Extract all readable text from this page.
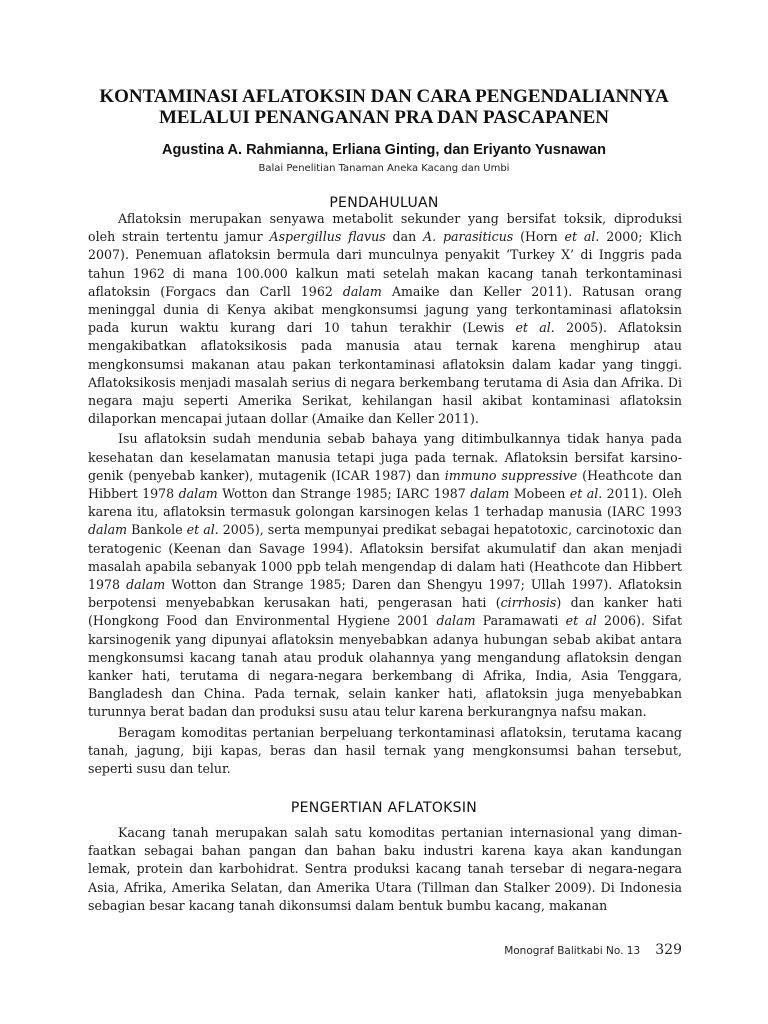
KONTAMINASI AFLATOKSIN DAN CARA PENGENDALIANNYA MELALUI PENANGANAN PRA DAN PASCAPANEN
Agustina A. Rahmianna, Erliana Ginting, dan Eriyanto Yusnawan
Balai Penelitian Tanaman Aneka Kacang dan Umbi
PENDAHULUAN

Aflatoksin merupakan senyawa metabolit sekunder yang bersifat toksik, diproduksi oleh strain tertentu jamur Aspergillus flavus dan A. parasiticus (Horn et al. 2000; Klich 2007). Penemuan aflatoksin bermula dari munculnya penyakit ‘Turkey X’ di Inggris pada tahun 1962 di mana 100.000 kalkun mati setelah makan kacang tanah terkontaminasi aflatoksin (Forgacs dan Carll 1962 dalam Amaike dan Keller 2011). Ratusan orang meninggal dunia di Kenya akibat mengkonsumsi jagung yang terkontaminasi aflatoksin pada kurun waktu kurang dari 10 tahun terakhir (Lewis et al. 2005). Aflatoksin mengakibatkan aflatoksikosis pada manusia atau ternak karena menghirup atau mengkonsumsi makanan atau pakan terkontaminasi aflatoksin dalam kadar yang tinggi. Aflatoksikosis menjadi masalah serius di negara berkembang terutama di Asia dan Afrika. Di negara maju seperti Amerika Serikat, kehilangan hasil akibat kontaminasi aflatoksin dilaporkan mencapai jutaan dollar (Amaike dan Keller 2011).

Isu aflatoksin sudah mendunia sebab bahaya yang ditimbulkannya tidak hanya pada kesehatan dan keselamatan manusia tetapi juga pada ternak. Aflatoksin bersifat karsinogenik (penyebab kanker), mutagenik (ICAR 1987) dan immuno suppressive (Heathcote dan Hibbert 1978 dalam Wotton dan Strange 1985; IARC 1987 dalam Mobeen et al. 2011). Oleh karena itu, aflatoksin termasuk golongan karsinogen kelas 1 terhadap manusia (IARC 1993 dalam Bankole et al. 2005), serta mempunyai predikat sebagai hepatotoxic, carcinotoxic dan teratogenic (Keenan dan Savage 1994). Aflatoksin bersifat akumulatif dan akan menjadi masalah apabila sebanyak 1000 ppb telah mengendap di dalam hati (Heathcote dan Hibbert 1978 dalam Wotton dan Strange 1985; Daren dan Shengyu 1997; Ullah 1997). Aflatoksin berpotensi menyebabkan kerusakan hati, pengerasan hati (cirrhosis) dan kanker hati (Hongkong Food dan Environmental Hygiene 2001 dalam Paramawati et al 2006). Sifat karsinogenik yang dipunyai aflatoksin menyebabkan adanya hubungan sebab akibat antara mengkonsumsi kacang tanah atau produk olahannya yang mengandung aflatoksin dengan kanker hati, terutama di negara-negara berkembang di Afrika, India, Asia Tenggara, Bangladesh dan China. Pada ternak, selain kanker hati, aflatoksin juga menyebabkan turunnya berat badan dan produksi susu atau telur karena berkurangnya nafsu makan.

Beragam komoditas pertanian berpeluang terkontaminasi aflatoksin, terutama kacang tanah, jagung, biji kapas, beras dan hasil ternak yang mengkonsumsi bahan tersebut, seperti susu dan telur.

PENGERTIAN AFLATOKSIN

Kacang tanah merupakan salah satu komoditas pertanian internasional yang dimanfaatkan sebagai bahan pangan dan bahan baku industri karena kaya akan kandungan lemak, protein dan karbohidrat. Sentra produksi kacang tanah tersebar di negara-negara Asia, Afrika, Amerika Selatan, dan Amerika Utara (Tillman dan Stalker 2009). Di Indonesia sebagian besar kacang tanah dikonsumsi dalam bentuk bumbu kacang, makanan

Monograf Balitkabi No. 13 329
